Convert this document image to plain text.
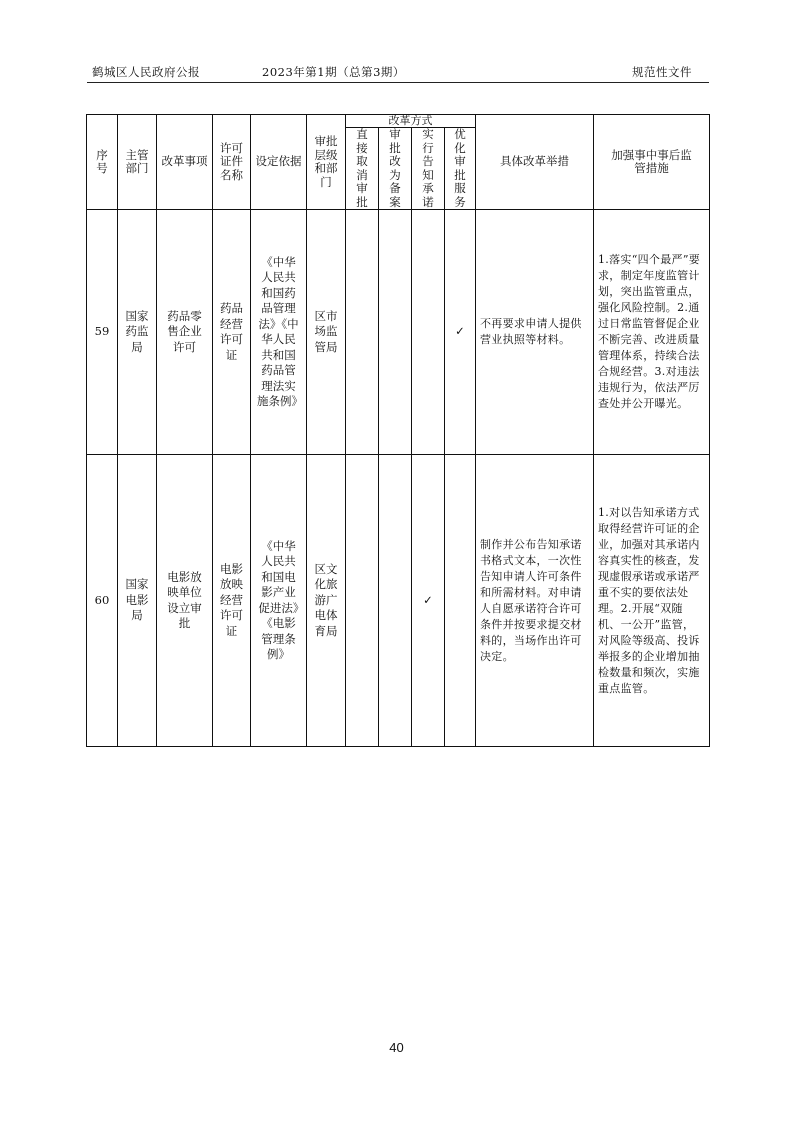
鹤城区人民政府公报	2023年第1期（总第3期）	规范性文件
序号	主管部门	改革事项	许可证件名称	设定依据	审批层级和部门	改革方式				具体改革举措	加强事中事后监管措施

						直接取消审批	审批改为备案	实行告知承诺	优化审批服务		

59	国家药监局	药品零售企业许可	药品经营许可证	《中华人民共和国药品管理法》《中华人民共和国药品管理法实施条例》	区市场监管局				✓	不再要求申请人提供营业执照等材料。	1.落实“四个最严”要求，制定年度监管计划，突出监管重点，强化风险控制。2.通过日常监管督促企业不断完善、改进质量管理体系，持续合法合规经营。3.对违法违规行为，依法严厉查处并公开曝光。
60	国家电影局	电影放映单位设立审批	电影放映经营许可证	《中华人民共和国电影产业促进法》《电影管理条例》	区文化旅游广电体育局			✓		制作并公布告知承诺书格式文本，一次性告知申请人许可条件和所需材料。对申请人自愿承诺符合许可条件并按要求提交材料的，当场作出许可决定。	1.对以告知承诺方式取得经营许可证的企业，加强对其承诺内容真实性的核查，发现虚假承诺或承诺严重不实的要依法处理。2.开展“双随机、一公开”监管，对风险等级高、投诉举报多的企业增加抽检数量和频次，实施重点监管。
40
